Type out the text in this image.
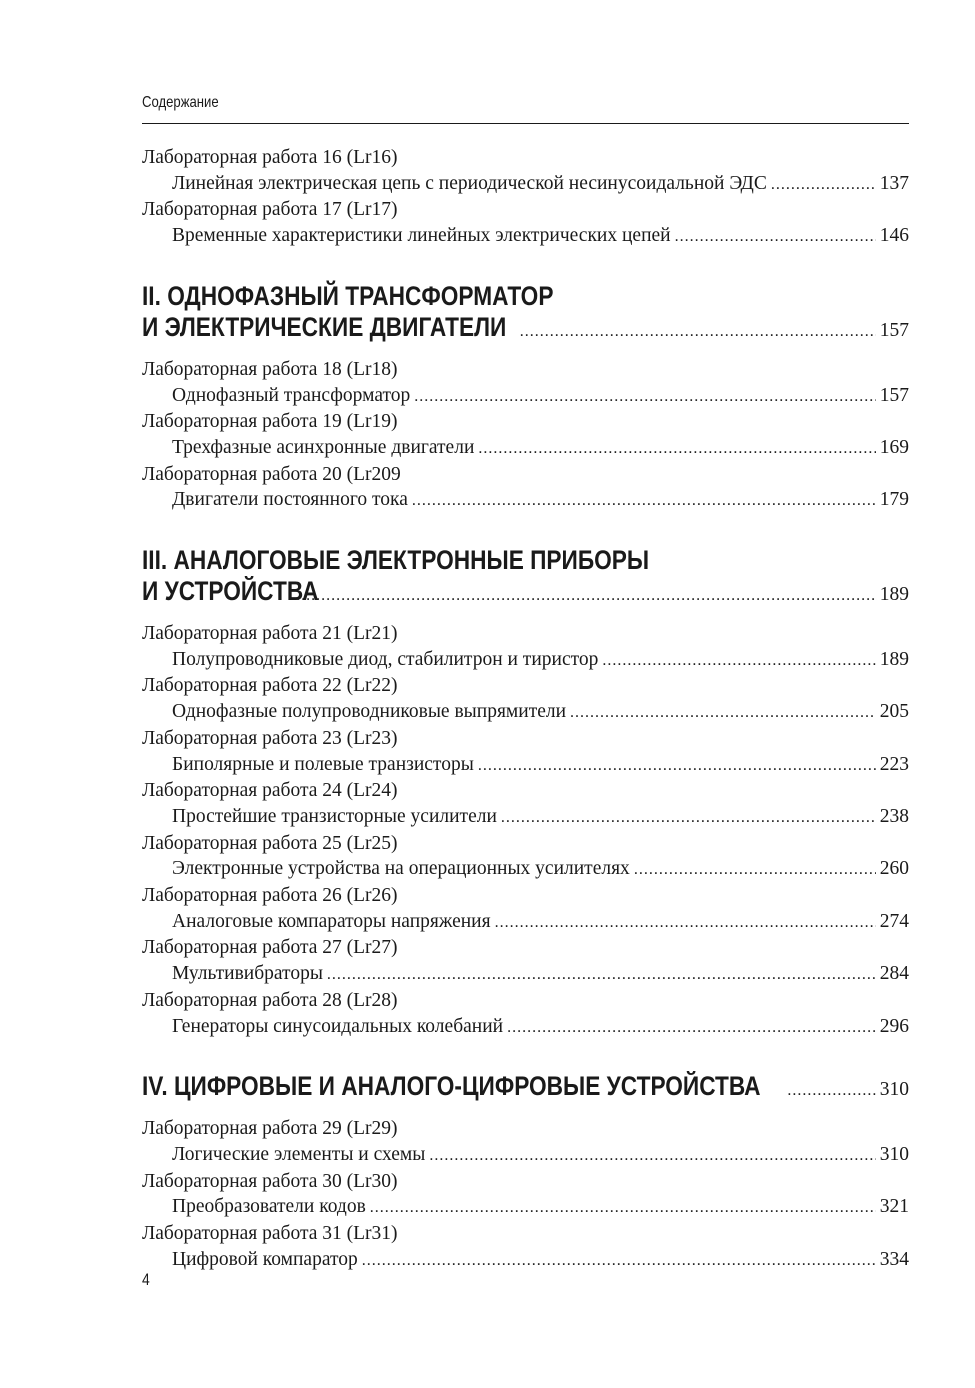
Содержание
Лабораторная работа 16 (Lr16)
Линейная электрическая цепь с периодической несинусоидальной ЭДС .....	137
Лабораторная работа 17 (Lr17)
Временные характеристики линейных электрических цепей .....	146
II. ОДНОФАЗНЫЙ ТРАНСФОРМАТОР
И ЭЛЕКТРИЧЕСКИЕ ДВИГАТЕЛИ .....	157
Лабораторная работа 18 (Lr18)
Однофазный трансформатор .....	157
Лабораторная работа 19 (Lr19)
Трехфазные асинхронные двигатели .....	169
Лабораторная работа 20 (Lr209
Двигатели постоянного тока .....	179
III. АНАЛОГОВЫЕ ЭЛЕКТРОННЫЕ ПРИБОРЫ
И УСТРОЙСТВА .....	189
Лабораторная работа 21 (Lr21)
Полупроводниковые диод, стабилитрон и тиристор .....	189
Лабораторная работа 22 (Lr22)
Однофазные полупроводниковые выпрямители .....	205
Лабораторная работа 23 (Lr23)
Биполярные и полевые транзисторы .....	223
Лабораторная работа 24 (Lr24)
Простейшие транзисторные усилители .....	238
Лабораторная работа 25 (Lr25)
Электронные устройства на операционных усилителях .....	260
Лабораторная работа 26 (Lr26)
Аналоговые компараторы напряжения .....	274
Лабораторная работа 27 (Lr27)
Мультивибраторы .....	284
Лабораторная работа 28 (Lr28)
Генераторы синусоидальных колебаний .....	296
IV. ЦИФРОВЫЕ И АНАЛОГО-ЦИФРОВЫЕ УСТРОЙСТВА .....	310
Лабораторная работа 29 (Lr29)
Логические элементы и схемы .....	310
Лабораторная работа 30 (Lr30)
Преобразователи кодов .....	321
Лабораторная работа 31 (Lr31)
Цифровой компаратор .....	334
4
